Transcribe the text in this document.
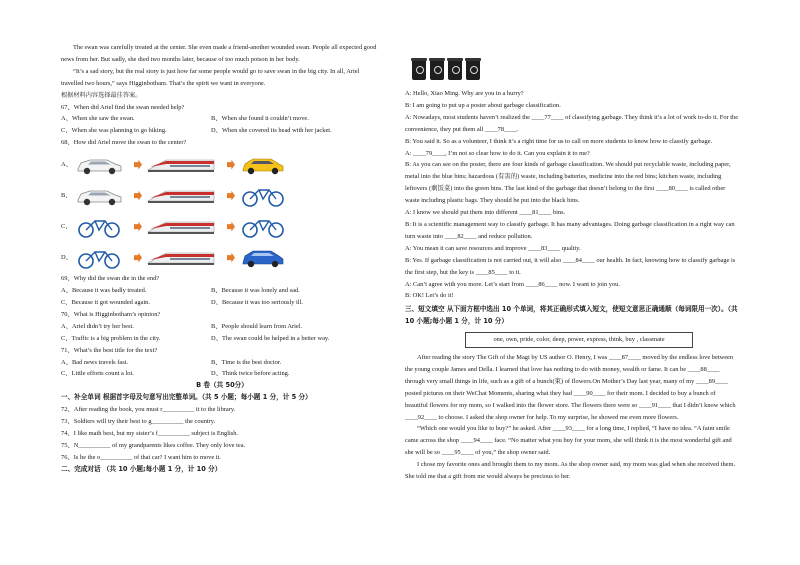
The swan was carefully treated at the center. She even made a friend-another wounded swan. People all expected good news from her. But sadly, she died two months later, because of too much poison in her body.

“It’s a sad story, but the real story is just how far some people would go to save swan in the big city. In all, Ariel travelled two hours,” says Higginbotham. That’s the spirit we want in everyone.

根据材料内容选择最佳答案。

67、When did Ariel find the swan needed help?

A、When she saw the swan.	B、When she found it couldn’t move.
C、When she was planning to go hiking.	D、When she covered its head with her jacket.

68、How did Ariel move the swan to the center?

A、
B、
C、
D、

69、Why did the swan die in the end?

A、Because it was badly treated.	B、Because it was lonely and sad.
C、Because it got wounded again.	D、Because it was too seriously ill.

70、What is Higginbotham’s opinion?

A、Ariel didn’t try her best.	B、People should learn from Ariel.
C、Traffic is a big problem in the city.	D、The swan could be helped in a better way.

71、What’s the best title for the text?

A、Bad news travels fast.	B、Time is the best doctor.
C、Little efforts count a lot.	D、Think twice before acting.

B 卷（共 50分）

一、补全单词 根据首字母及句意写出完整单词。（共 5 小题；每小题 1 分，计 5 分）

72、After reading the book, you must r__________ it to the library.

73、Soldiers will try their best to g__________ the country.

74、I like math best, but my sister’s f__________ subject is English.

75、N__________ of my grandparents likes coffee. They only love tea.

76、Is he the o__________ of that car? I want him to move it.

二、完成对话 （共 10 小题;每小题 1 分，计 10 分）

A: Hello, Xiao Ming. Why are you in a hurry?

B: I am going to put up a poster about garbage classification.

A: Nowadays, most students haven’t realized the ____77____ of classifying garbage. They think it’s a lot of work to-do it. For the convenience, they put them all ____78____.

B: You said it. So as a volunteer, I think it’s a right time for us to call on more students to know how to classify garbage.

A: ____79____, I’m not so clear how to do it. Can you explain it to me?

B: As you can see on the poster, there are four kinds of garbage classification. We should put recyclable waste, including paper, metal into the blue bins; hazardous (有害的) waste, including batteries, medicine into the red bins; kitchen waste, including leftovers (剩饭菜) into the green bins. The last kind of the garbage that doesn’t belong to the first ____80____ is called other waste including plastic bags. They should be put into the black bins.

A: I know we should put them into different ____81____ bins.

B: It is a scientific management way to classify garbage. It has many advantages. Doing garbage classification in a right way can turn waste into ____82____ and reduce pollution.

A: You mean it can save resources and improve ____83____ quality.

B: Yes. If garbage classification is not carried out, it will also ____84____ our health. In fact, knowing how to classify garbage is the first step, but the key is ____85____ to it.

A: Can’t agree with you more. Let’s start from ____86____ now. I want to join you.

B: OK! Let’s do it!

三、短文填空 从下面方框中选出 10 个单词，将其正确形式填入短文，使短文意思正确通顺（每词限用一次）。（共 10 小题;每小题 1 分，计 10 分）

one, own, pride, color, deep, power, express, think, buy , classmate

After reading the story The Gift of the Magi by US author O. Henry, I was ____87____ moved by the endless love between the young couple James and Della. I learned that love has nothing to do with money, wealth or fame. It can be ____88____ through very small things in life, such as a gift of a bunch(束) of flowers.On Mother’s Day last year, many of my ____89____ posted pictures on their WeChat Moments, sharing what they had ____90____ for their mom. I decided to buy a bunch of beautiful flowers for my mom, so I walked into the flower store. The flowers there were so ____91____ that I didn’t know which ____92____ to choose. I asked the shop owner for help. To my surprise, he showed me even more flowers.

“Which one would you like to buy?” he asked. After ____93____ for a long time, I replied, “I have no idea. “A faint smile came across the shop ____94____ face. “No matter what you buy for your mom, she will think it is the most wonderful gift and she will be so ____95____ of you,” the shop owner said.

I chose my favorite ones and brought them to my mom. As the shop owner said, my mom was glad when she received them. She told me that a gift from me would always be precious to her.
